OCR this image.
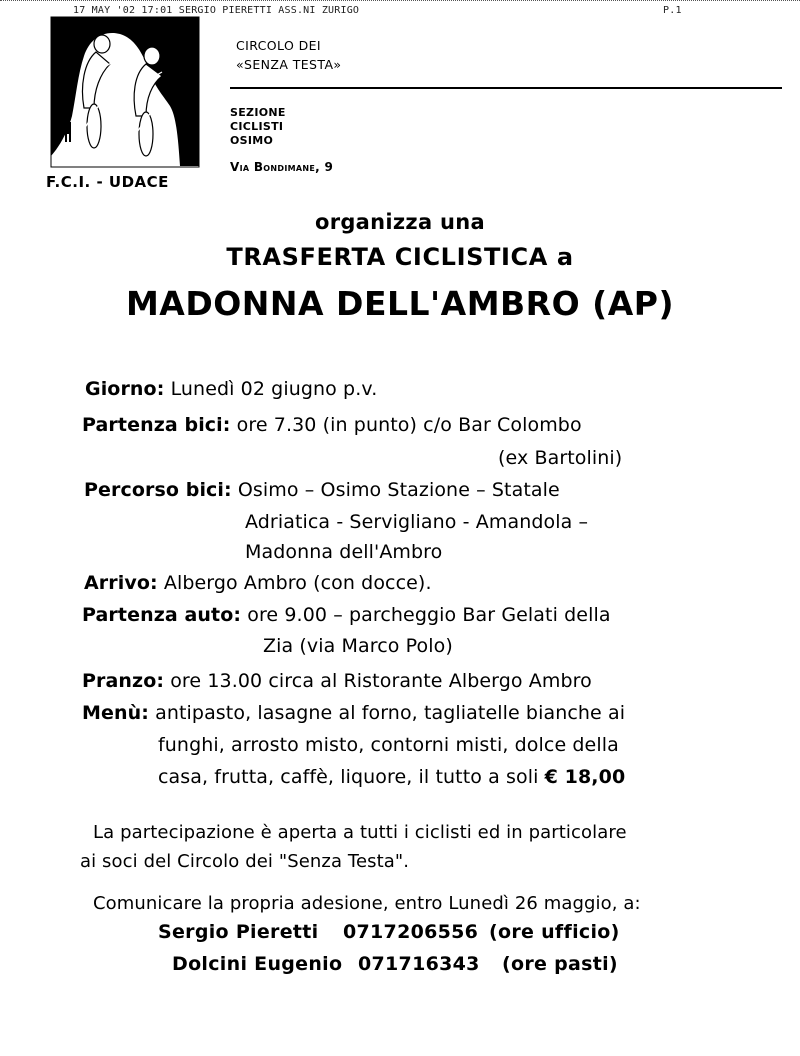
17 MAY '02 17:01 SERGIO PIERETTI ASS.NI ZURIGO	P.1
F.C.I. - UDACE
CIRCOLO DEI
«SENZA TESTA»
SEZIONE
CICLISTI
OSIMO
Via Bondimane, 9
organizza una
TRASFERTA CICLISTICA a
MADONNA DELL'AMBRO (AP)
Giorno: Lunedì 02 giugno p.v.
Partenza bici: ore 7.30 (in punto) c/o Bar Colombo
(ex Bartolini)
Percorso bici: Osimo – Osimo Stazione – Statale
Adriatica - Servigliano - Amandola –
Madonna dell'Ambro
Arrivo: Albergo Ambro (con docce).
Partenza auto: ore 9.00 – parcheggio Bar Gelati della
Zia (via Marco Polo)
Pranzo: ore 13.00 circa al Ristorante Albergo Ambro
Menù: antipasto, lasagne al forno, tagliatelle bianche ai
funghi, arrosto misto, contorni misti, dolce della
casa, frutta, caffè, liquore, il tutto a soli € 18,00
La partecipazione è aperta a tutti i ciclisti ed in particolare
ai soci del Circolo dei "Senza Testa".
Comunicare la propria adesione, entro Lunedì 26 maggio, a:
Sergio Pieretti 0717206556 (ore ufficio)
Dolcini Eugenio 071716343 (ore pasti)
